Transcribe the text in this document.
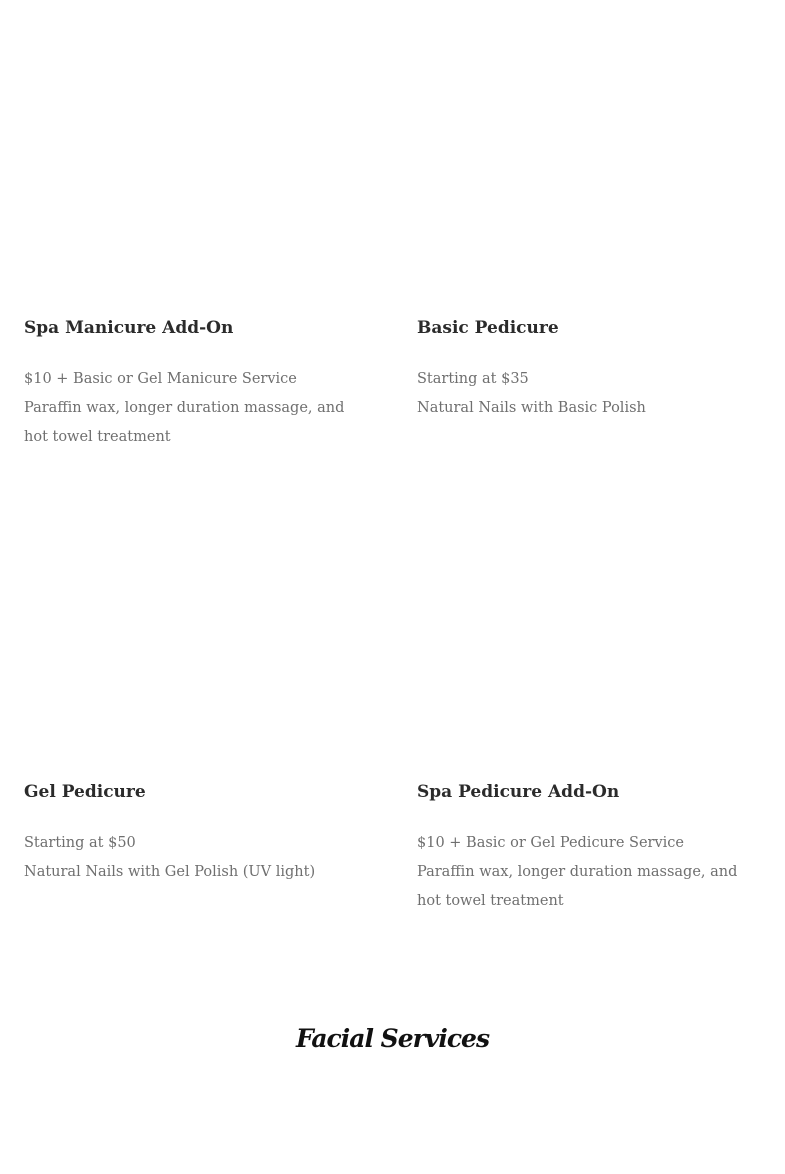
Spa Manicure Add-On
$10 + Basic or Gel Manicure Service
Paraffin wax, longer duration massage, and hot towel treatment
Basic Pedicure
Starting at $35
Natural Nails with Basic Polish
Gel Pedicure
Starting at $50
Natural Nails with Gel Polish (UV light)
Spa Pedicure Add-On
$10 + Basic or Gel Pedicure Service
Paraffin wax, longer duration massage, and hot towel treatment
Facial Services
